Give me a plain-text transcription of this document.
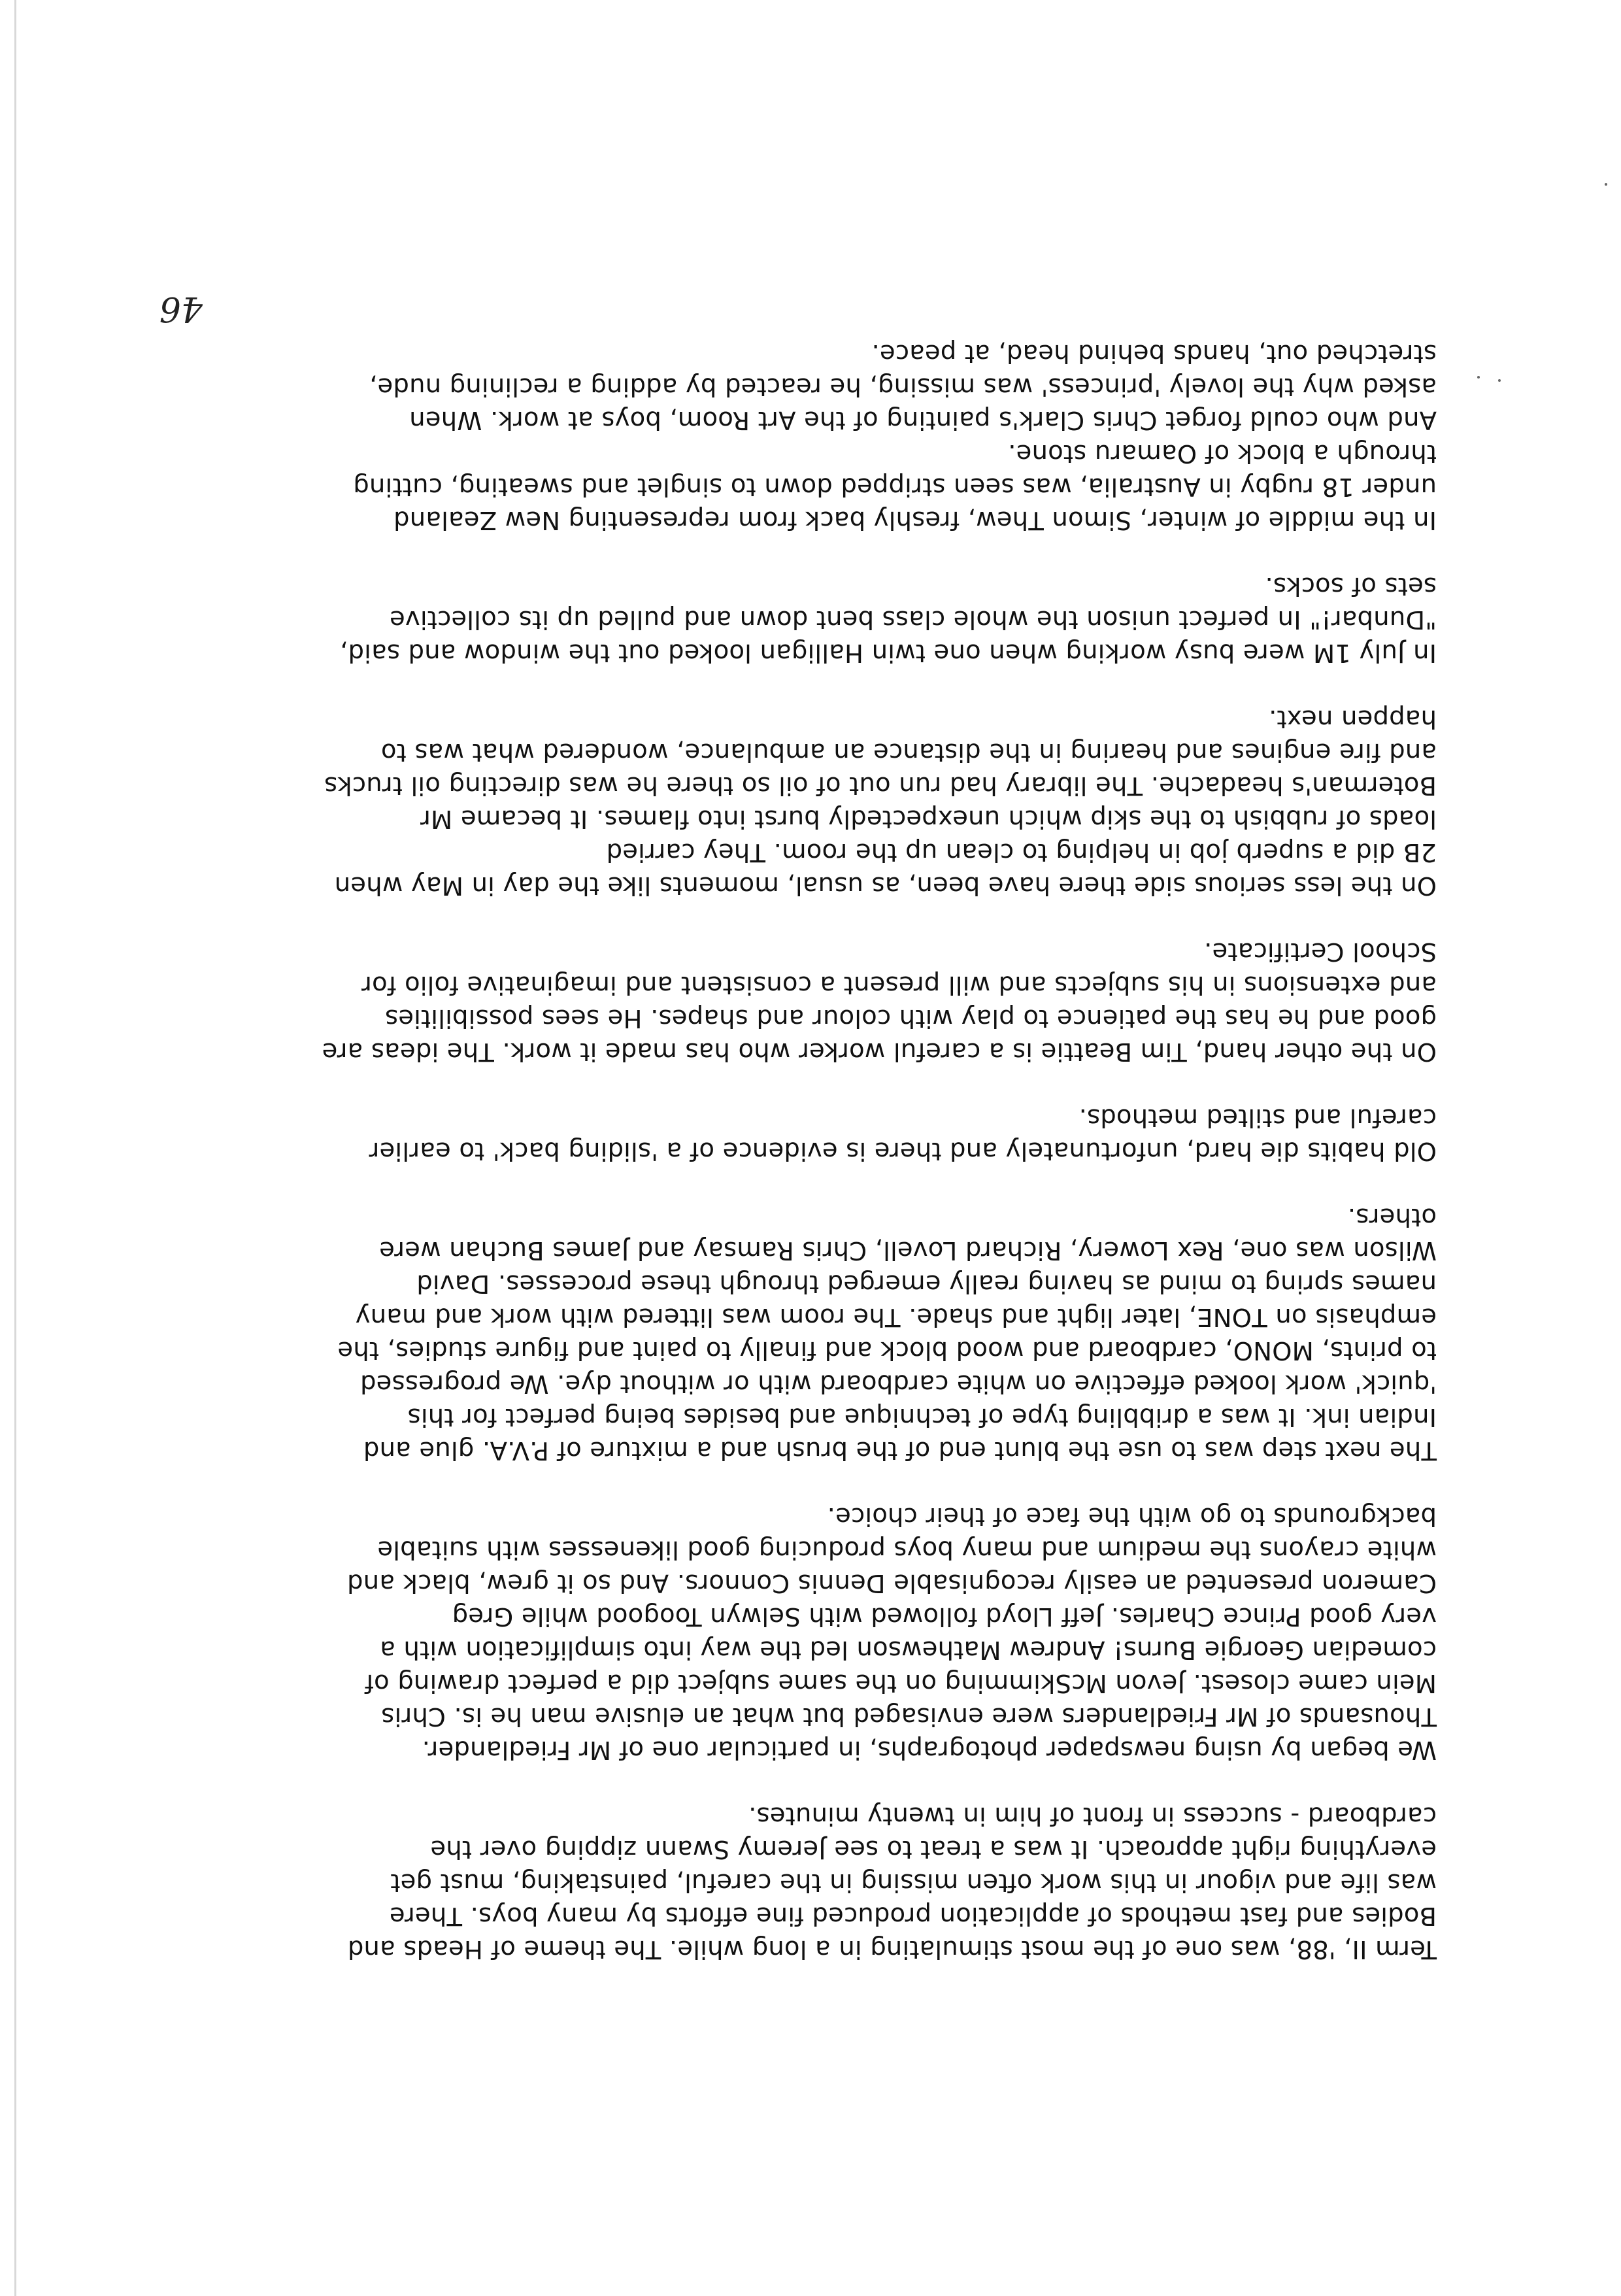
Term II, '88, was one of the most stimulating in a long while. The theme of Heads and
Bodies and fast methods of application produced fine efforts by many boys. There
was life and vigour in this work often missing in the careful, painstaking, must get
everything right approach. It was a treat to see Jeremy Swann zipping over the
cardboard - success in front of him in twenty minutes.
We began by using newspaper photographs, in particular one of Mr Friedlander.
Thousands of Mr Friedlanders were envisaged but what an elusive man he is. Chris
Mein came closest. Jevon McSkimming on the same subject did a perfect drawing of
comedian Georgie Burns! Andrew Mathewson led the way into simplification with a
very good Prince Charles. Jeff Lloyd followed with Selwyn Toogood while Greg
Cameron presented an easily recognisable Dennis Connors. And so it grew, black and
white crayons the medium and many boys producing good likenesses with suitable
backgrounds to go with the face of their choice.
The next step was to use the blunt end of the brush and a mixture of P.V.A. glue and
Indian ink. It was a dribbling type of technique and besides being perfect for this
'quick' work looked effective on white cardboard with or without dye. We progressed
to prints, MONO, cardboard and wood block and finally to paint and figure studies, the
emphasis on TONE, later light and shade. The room was littered with work and many
names spring to mind as having really emerged through these processes. David
Wilson was one, Rex Lowery, Richard Lovell, Chris Ramsay and James Buchan were
others.
Old habits die hard, unfortunately and there is evidence of a 'sliding back' to earlier
careful and stilted methods.
On the other hand, Tim Beattie is a careful worker who has made it work. The ideas are
good and he has the patience to play with colour and shapes. He sees possibilities
and extensions in his subjects and will present a consistent and imaginative folio for
School Certificate.
On the less serious side there have been, as usual, moments like the day in May when
2B did a superb job in helping to clean up the room. They carried
loads of rubbish to the skip which unexpectedly burst into flames. It became Mr
Boterman's headache. The library had run out of oil so there he was directing oil trucks
and fire engines and hearing in the distance an ambulance, wondered what was to
happen next.
In July 1M were busy working when one twin Halligan looked out the window and said,
"Dunbar!" In perfect unison the whole class bent down and pulled up its collective
sets of socks.
In the middle of winter, Simon Thew, freshly back from representing New Zealand
under 18 rugby in Australia, was seen stripped down to singlet and sweating, cutting
through a block of Oamaru stone.
And who could forget Chris Clark's painting of the Art Room, boys at work. When
asked why the lovely 'princess' was missing, he reacted by adding a reclining nude,
stretched out, hands behind head, at peace.
46
